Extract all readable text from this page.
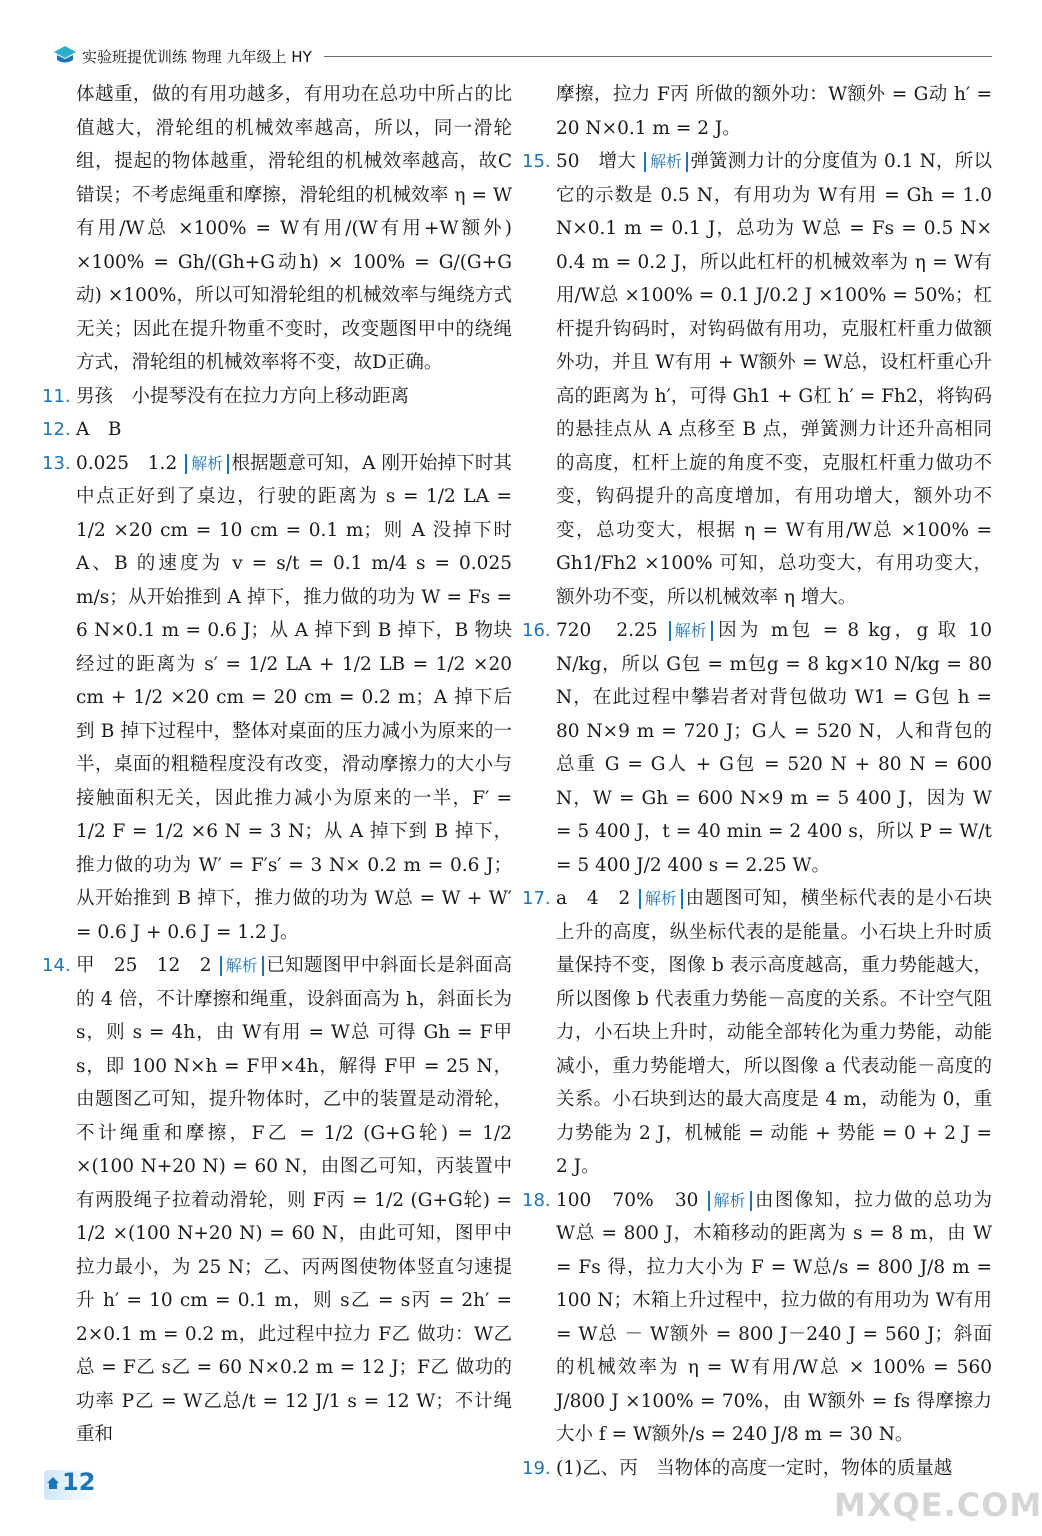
实验班提优训练 物理 九年级上 HY

体越重，做的有用功越多，有用功在总功中所占的比值越大，滑轮组的机械效率越高，所以，同一滑轮组，提起的物体越重，滑轮组的机械效率越高，故C错误；不考虑绳重和摩擦，滑轮组的机械效率 η = W有用/W总 ×100% = W有用/(W有用+W额外) ×100% = Gh/(Gh+G动h) × 100% = G/(G+G动) ×100%，所以可知滑轮组的机械效率与绳绕方式无关；因此在提升物重不变时，改变题图甲中的绕绳方式，滑轮组的机械效率将不变，故D正确。

11. 男孩　小提琴没有在拉力方向上移动距离

12. A　B

13. 0.025　1.2 解析 根据题意可知，A 刚开始掉下时其中点正好到了桌边，行驶的距离为 s = 1/2 LA = 1/2 ×20 cm = 10 cm = 0.1 m；则 A 没掉下时 A、B 的速度为 v = s/t = 0.1 m/4 s = 0.025 m/s；从开始推到 A 掉下，推力做的功为 W = Fs = 6 N×0.1 m = 0.6 J；从 A 掉下到 B 掉下，B 物块经过的距离为 s′ = 1/2 LA + 1/2 LB = 1/2 ×20 cm + 1/2 ×20 cm = 20 cm = 0.2 m；A 掉下后到 B 掉下过程中，整体对桌面的压力减小为原来的一半，桌面的粗糙程度没有改变，滑动摩擦力的大小与接触面积无关，因此推力减小为原来的一半，F′ = 1/2 F = 1/2 ×6 N = 3 N；从 A 掉下到 B 掉下，推力做的功为 W′ = F′s′ = 3 N× 0.2 m = 0.6 J；从开始推到 B 掉下，推力做的功为 W总 = W + W′ = 0.6 J + 0.6 J = 1.2 J。

14. 甲　25　12　2 解析 已知题图甲中斜面长是斜面高的 4 倍，不计摩擦和绳重，设斜面高为 h，斜面长为 s，则 s = 4h，由 W有用 = W总 可得 Gh = F甲 s，即 100 N×h = F甲×4h，解得 F甲 = 25 N，由题图乙可知，提升物体时，乙中的装置是动滑轮，不计绳重和摩擦，F乙 = 1/2 (G+G轮) = 1/2 ×(100 N+20 N) = 60 N，由图乙可知，丙装置中有两股绳子拉着动滑轮，则 F丙 = 1/2 (G+G轮) = 1/2 ×(100 N+20 N) = 60 N，由此可知，图甲中拉力最小，为 25 N；乙、丙两图使物体竖直匀速提升 h′ = 10 cm = 0.1 m，则 s乙 = s丙 = 2h′ = 2×0.1 m = 0.2 m，此过程中拉力 F乙 做功：W乙总 = F乙 s乙 = 60 N×0.2 m = 12 J；F乙 做功的功率 P乙 = W乙总/t = 12 J/1 s = 12 W；不计绳重和

摩擦，拉力 F丙 所做的额外功：W额外 = G动 h′ = 20 N×0.1 m = 2 J。

15. 50　增大 解析 弹簧测力计的分度值为 0.1 N，所以它的示数是 0.5 N，有用功为 W有用 = Gh = 1.0 N×0.1 m = 0.1 J，总功为 W总 = Fs = 0.5 N× 0.4 m = 0.2 J，所以此杠杆的机械效率为 η = W有用/W总 ×100% = 0.1 J/0.2 J ×100% = 50%；杠杆提升钩码时，对钩码做有用功，克服杠杆重力做额外功，并且 W有用 + W额外 = W总，设杠杆重心升高的距离为 h′，可得 Gh1 + G杠 h′ = Fh2，将钩码的悬挂点从 A 点移至 B 点，弹簧测力计还升高相同的高度，杠杆上旋的角度不变，克服杠杆重力做功不变，钩码提升的高度增加，有用功增大，额外功不变，总功变大，根据 η = W有用/W总 ×100% = Gh1/Fh2 ×100% 可知，总功变大，有用功变大，额外功不变，所以机械效率 η 增大。

16. 720　2.25 解析 因为 m包 = 8 kg，g 取 10 N/kg，所以 G包 = m包g = 8 kg×10 N/kg = 80 N，在此过程中攀岩者对背包做功 W1 = G包 h = 80 N×9 m = 720 J；G人 = 520 N，人和背包的总重 G = G人 + G包 = 520 N + 80 N = 600 N，W = Gh = 600 N×9 m = 5 400 J，因为 W = 5 400 J，t = 40 min = 2 400 s，所以 P = W/t = 5 400 J/2 400 s = 2.25 W。

17. a　4　2 解析 由题图可知，横坐标代表的是小石块上升的高度，纵坐标代表的是能量。小石块上升时质量保持不变，图像 b 表示高度越高，重力势能越大，所以图像 b 代表重力势能－高度的关系。不计空气阻力，小石块上升时，动能全部转化为重力势能，动能减小，重力势能增大，所以图像 a 代表动能－高度的关系。小石块到达的最大高度是 4 m，动能为 0，重力势能为 2 J，机械能 = 动能 + 势能 = 0 + 2 J = 2 J。

18. 100　70%　30 解析 由图像知，拉力做的总功为 W总 = 800 J，木箱移动的距离为 s = 8 m，由 W = Fs 得，拉力大小为 F = W总/s = 800 J/8 m = 100 N；木箱上升过程中，拉力做的有用功为 W有用 = W总 － W额外 = 800 J－240 J = 560 J；斜面的机械效率为 η = W有用/W总 × 100% = 560 J/800 J ×100% = 70%，由 W额外 = fs 得摩擦力大小 f = W额外/s = 240 J/8 m = 30 N。

19. (1)乙、丙　当物体的高度一定时，物体的质量越

12
MXQE.COM
